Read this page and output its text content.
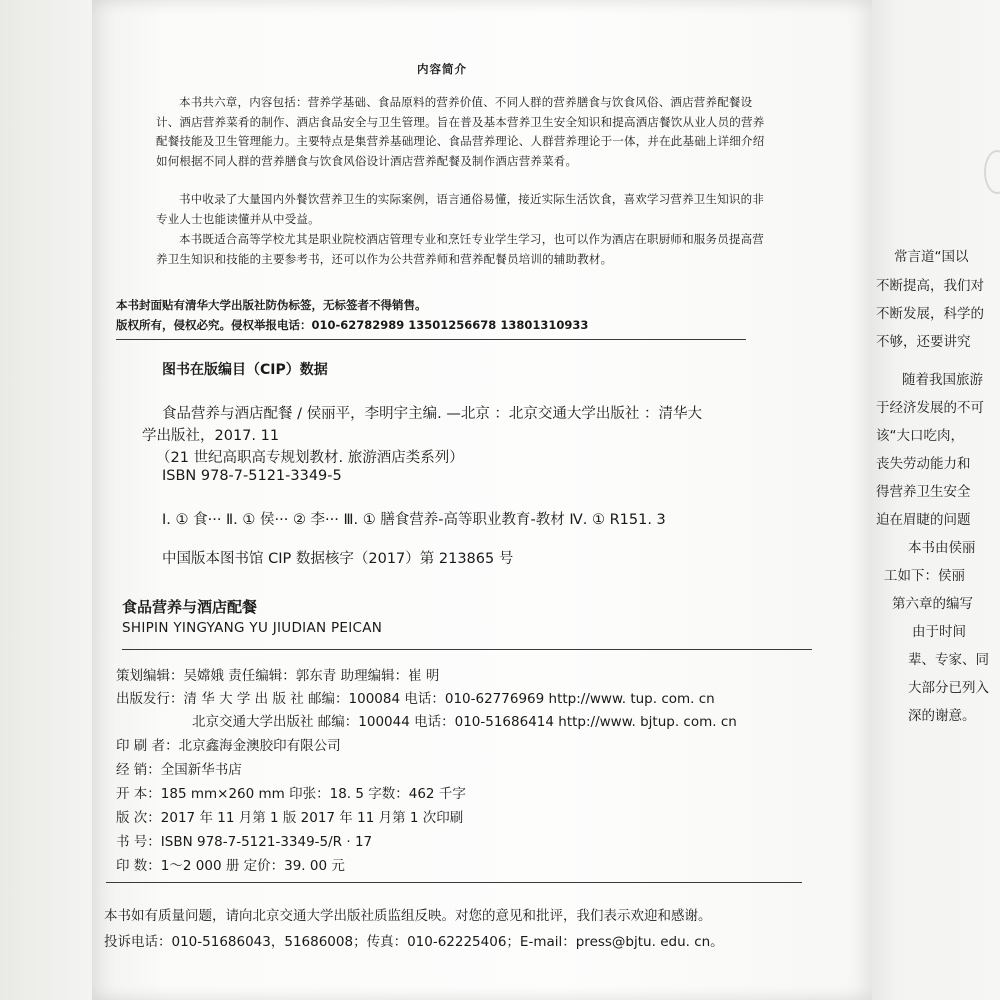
内容简介
本书共六章，内容包括：营养学基础、食品原料的营养价值、不同人群的营养膳食与饮食风俗、酒店营养配餐设计、酒店营养菜肴的制作、酒店食品安全与卫生管理。旨在普及基本营养卫生安全知识和提高酒店餐饮从业人员的营养配餐技能及卫生管理能力。主要特点是集营养基础理论、食品营养理论、人群营养理论于一体，并在此基础上详细介绍如何根据不同人群的营养膳食与饮食风俗设计酒店营养配餐及制作酒店营养菜肴。
书中收录了大量国内外餐饮营养卫生的实际案例，语言通俗易懂，接近实际生活饮食，喜欢学习营养卫生知识的非专业人士也能读懂并从中受益。
本书既适合高等学校尤其是职业院校酒店管理专业和烹饪专业学生学习，也可以作为酒店在职厨师和服务员提高营养卫生知识和技能的主要参考书，还可以作为公共营养师和营养配餐员培训的辅助教材。
本书封面贴有清华大学出版社防伪标签，无标签者不得销售。
版权所有，侵权必究。侵权举报电话：010-62782989 13501256678 13801310933
图书在版编目（CIP）数据
食品营养与酒店配餐 / 侯丽平，李明宇主编. —北京 ：北京交通大学出版社 ：清华大
学出版社，2017. 11
（21 世纪高职高专规划教材. 旅游酒店类系列）
ISBN 978-7-5121-3349-5
Ⅰ. ① 食··· Ⅱ. ① 侯··· ② 李··· Ⅲ. ① 膳食营养-高等职业教育-教材 Ⅳ. ① R151. 3
中国版本图书馆 CIP 数据核字（2017）第 213865 号
食品营养与酒店配餐
SHIPIN YINGYANG YU JIUDIAN PEICAN
策划编辑：吴嫦娥 责任编辑：郭东青 助理编辑：崔 明
出版发行：清 华 大 学 出 版 社 邮编：100084 电话：010-62776969 http://www. tup. com. cn
北京交通大学出版社 邮编：100044 电话：010-51686414 http://www. bjtup. com. cn
印 刷 者：北京鑫海金澳胶印有限公司
经 销：全国新华书店
开 本：185 mm×260 mm 印张：18. 5 字数：462 千字
版 次：2017 年 11 月第 1 版 2017 年 11 月第 1 次印刷
书 号：ISBN 978-7-5121-3349-5/R · 17
印 数：1～2 000 册 定价：39. 00 元
本书如有质量问题，请向北京交通大学出版社质监组反映。对您的意见和批评，我们表示欢迎和感谢。
投诉电话：010-51686043，51686008；传真：010-62225406；E-mail：press@bjtu. edu. cn。
常言道“国以
不断提高，我们对
不断发展，科学的
不够，还要讲究
随着我国旅游
于经济发展的不可
该“大口吃肉，
丧失劳动能力和
得营养卫生安全
迫在眉睫的问题
本书由侯丽
工如下：侯丽
第六章的编写
由于时间
辈、专家、同
大部分已列入
深的谢意。
